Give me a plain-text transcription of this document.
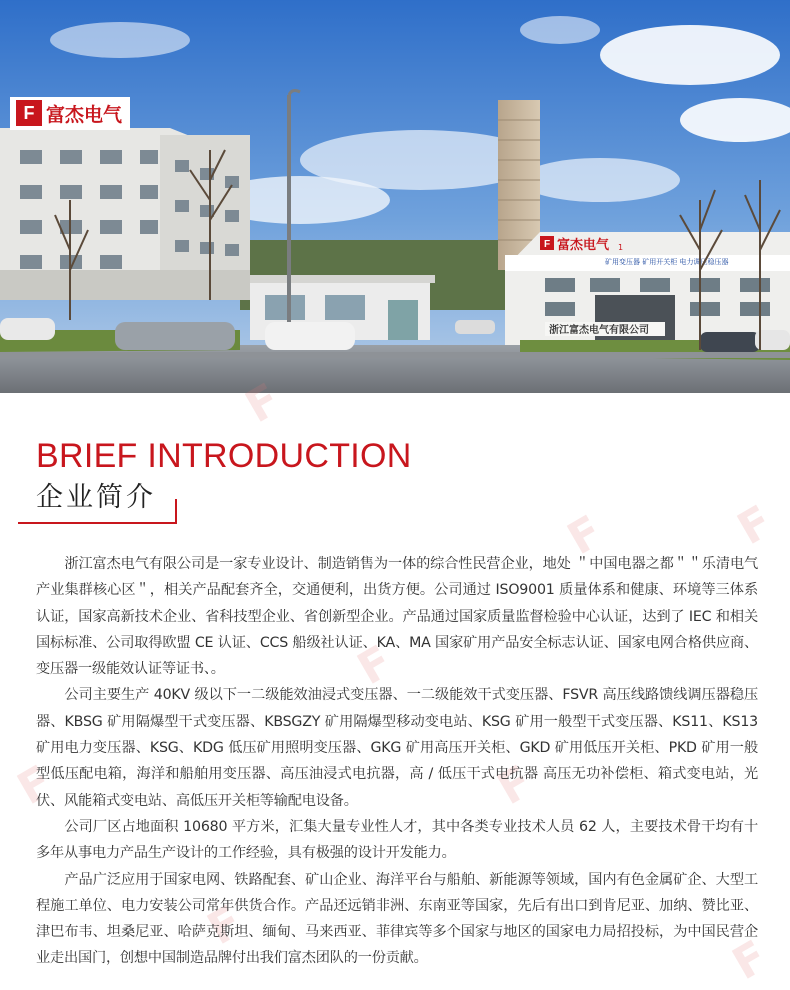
F 富杰电气
F 富杰电气
矿用变压器 矿用开关柜 电力调压稳压器
1
浙江富杰电气有限公司
F
F	F
F
F	F
F
F
BRIEF INTRODUCTION
企业简介

浙江富杰电气有限公司是一家专业设计、制造销售为一体的综合性民营企业，地处 ＂中国电器之都＂＂乐清电气产业集群核心区＂，相关产品配套齐全，交通便利，出货方便。公司通过 ISO9001 质量体系和健康、环境等三体系认证，国家高新技术企业、省科技型企业、省创新型企业。产品通过国家质量监督检验中心认证，达到了 IEC 和相关国标标准、公司取得欧盟 CE 认证、CCS 船级社认证、KA、MA 国家矿用产品安全标志认证、国家电网合格供应商、变压器一级能效认证等证书、。

公司主要生产 40KV 级以下一二级能效油浸式变压器、一二级能效干式变压器、FSVR 高压线路馈线调压器稳压器、KBSG 矿用隔爆型干式变压器、KBSGZY 矿用隔爆型移动变电站、KSG 矿用一般型干式变压器、KS11、KS13 矿用电力变压器、KSG、KDG 低压矿用照明变压器、GKG 矿用高压开关柜、GKD 矿用低压开关柜、PKD 矿用一般型低压配电箱，海洋和船舶用变压器、高压油浸式电抗器，高 / 低压干式电抗器 高压无功补偿柜、箱式变电站，光伏、风能箱式变电站、高低压开关柜等输配电设备。

公司厂区占地面积 10680 平方米，汇集大量专业性人才，其中各类专业技术人员 62 人，主要技术骨干均有十多年从事电力产品生产设计的工作经验，具有极强的设计开发能力。

产品广泛应用于国家电网、铁路配套、矿山企业、海洋平台与船舶、新能源等领域，国内有色金属矿企、大型工程施工单位、电力安装公司常年供货合作。产品还远销非洲、东南亚等国家，先后有出口到肯尼亚、加纳、赞比亚、津巴布韦、坦桑尼亚、哈萨克斯坦、缅甸、马来西亚、菲律宾等多个国家与地区的国家电力局招投标，为中国民营企业走出国门，创想中国制造品牌付出我们富杰团队的一份贡献。
